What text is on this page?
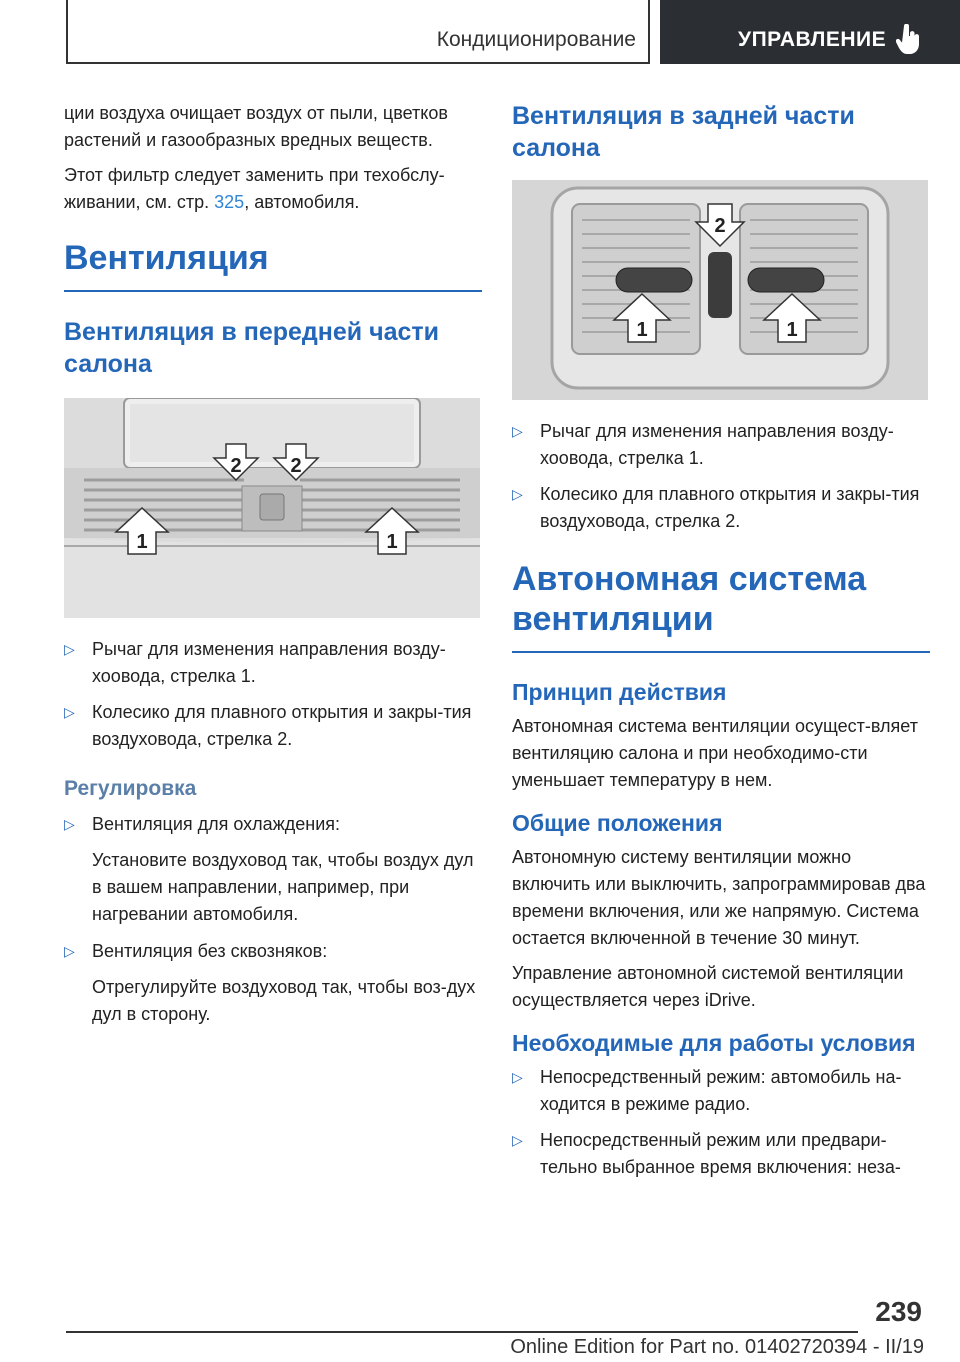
Кондиционирование	УПРАВЛЕНИЕ

ции воздуха очищает воздух от пыли, цветков растений и газообразных вредных веществ.

Этот фильтр следует заменить при техобслу‐живании, см. стр. 325, автомобиля.

Вентиляция
Вентиляция в передней части салона
2 2
1	1
▷ Рычаг для изменения направления возду‐хоовода, стрелка 1.
▷ Колесико для плавного открытия и закры‐тия воздуховода, стрелка 2.
Регулировка
▷ Вентиляция для охлаждения:

Установите воздуховод так, чтобы воздух дул в вашем направлении, например, при нагревании автомобиля.

▷ Вентиляция без сквозняков:

Отрегулируйте воздуховод так, чтобы воз‐дух дул в сторону.

Вентиляция в задней части салона
2
1	1
▷ Рычаг для изменения направления возду‐хоовода, стрелка 1.
▷ Колесико для плавного открытия и закры‐тия воздуховода, стрелка 2.
Автономная система вентиляции
Принцип действия

Автономная система вентиляции осущест‐вляет вентиляцию салона и при необходимо‐сти уменьшает температуру в нем.

Общие положения

Автономную систему вентиляции можно включить или выключить, запрограммировав два времени включения, или же напрямую. Система остается включенной в течение 30 минут.

Управление автономной системой вентиляции осуществляется через iDrive.

Необходимые для работы условия
▷ Непосредственный режим: автомобиль на‐ходится в режиме радио.
▷ Непосредственный режим или предвари‐тельно выбранное время включения: неза-
239
Online Edition for Part no. 01402720394 - II/19
